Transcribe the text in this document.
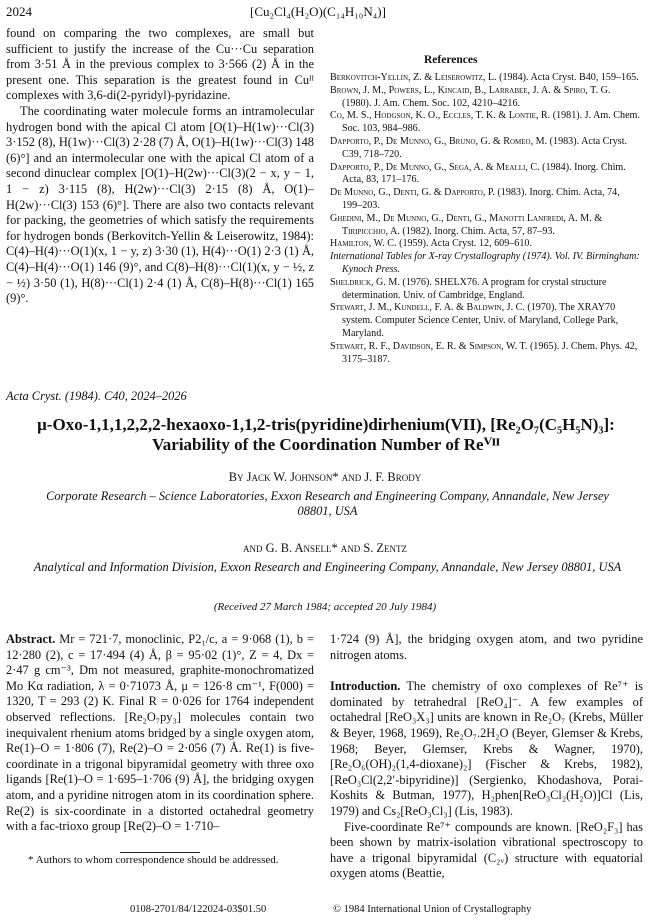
2024	[Cu₂Cl₄(H₂O)(C₁₄H₁₀N₄)]

found on comparing the two complexes, are small but sufficient to justify the increase of the Cu···Cu separation from 3·51 Å in the previous complex to 3·566 (2) Å in the present one. This separation is the greatest found in Cuᴵᴵ complexes with 3,6-di(2-pyridyl)-pyridazine.

The coordinating water molecule forms an intramolecular hydrogen bond with the apical Cl atom [O(1)–H(1w)···Cl(3) 3·152 (8), H(1w)···Cl(3) 2·28 (7) Å, O(1)–H(1w)···Cl(3) 148 (6)°] and an intermolecular one with the apical Cl atom of a second dinuclear complex [O(1)–H(2w)···Cl(3)(2 − x, y − 1, 1 − z) 3·115 (8), H(2w)···Cl(3) 2·15 (8) Å, O(1)–H(2w)···Cl(3) 153 (6)°]. There are also two contacts relevant for packing, the geometries of which satisfy the requirements for hydrogen bonds (Berkovitch-Yellin & Leiserowitz, 1984): C(4)–H(4)···O(1)(x, 1 − y, z) 3·30 (1), H(4)···O(1) 2·3 (1) Å, C(4)–H(4)···O(1) 146 (9)°, and C(8)–H(8)···Cl(1)(x, y − ½, z − ½) 3·50 (1), H(8)···Cl(1) 2·4 (1) Å, C(8)–H(8)···Cl(1) 165 (9)°.

References

Berkovitch-Yellin, Z. & Leiserowitz, L. (1984). Acta Cryst. B40, 159–165.

Brown, J. M., Powers, L., Kincaid, B., Larrabee, J. A. & Spiro, T. G. (1980). J. Am. Chem. Soc. 102, 4210–4216.

Co, M. S., Hodgson, K. O., Eccles, T. K. & Lontie, R. (1981). J. Am. Chem. Soc. 103, 984–986.

Dapporto, P., De Munno, G., Bruno, G. & Romeo, M. (1983). Acta Cryst. C39, 718–720.

Dapporto, P., De Munno, G., Sega, A. & Mealli, C. (1984). Inorg. Chim. Acta, 83, 171–176.

De Munno, G., Denti, G. & Dapporto, P. (1983). Inorg. Chim. Acta, 74, 199–203.

Ghedini, M., De Munno, G., Denti, G., Manotti Lanfredi, A. M. & Tiripicchio, A. (1982). Inorg. Chim. Acta, 57, 87–93.

Hamilton, W. C. (1959). Acta Cryst. 12, 609–610.

International Tables for X-ray Crystallography (1974). Vol. IV. Birmingham: Kynoch Press.

Sheldrick, G. M. (1976). SHELX76. A program for crystal structure determination. Univ. of Cambridge, England.

Stewart, J. M., Kundell, F. A. & Baldwin, J. C. (1970). The XRAY70 system. Computer Science Center, Univ. of Maryland, College Park, Maryland.

Stewart, R. F., Davidson, E. R. & Simpson, W. T. (1965). J. Chem. Phys. 42, 3175–3187.

Acta Cryst. (1984). C40, 2024–2026
μ-Oxo-1,1,1,2,2,2-hexaoxo-1,1,2-tris(pyridine)dirhenium(VII), [Re₂O₇(C₅H₅N)₃]:
Variability of the Coordination Number of Reⱽᴵᴵ
By Jack W. Johnson* and J. F. Brody
Corporate Research – Science Laboratories, Exxon Research and Engineering Company, Annandale, New Jersey 08801, USA
and G. B. Ansell* and S. Zentz
Analytical and Information Division, Exxon Research and Engineering Company, Annandale, New Jersey 08801, USA
(Received 27 March 1984; accepted 20 July 1984)

Abstract. Mr = 721·7, monoclinic, P2₁/c, a = 9·068 (1), b = 12·280 (2), c = 17·494 (4) Å, β = 95·02 (1)°, Z = 4, Dx = 2·47 g cm⁻³, Dm not measured, graphite-monochromatized Mo Kα radiation, λ = 0·71073 Å, μ = 126·8 cm⁻¹, F(000) = 1320, T = 293 (2) K. Final R = 0·026 for 1764 independent observed reflections. [Re₂O₇py₃] molecules contain two inequivalent rhenium atoms bridged by a single oxygen atom, Re(1)–O = 1·806 (7), Re(2)–O = 2·056 (7) Å. Re(1) is five-coordinate in a trigonal bipyramidal geometry with three oxo ligands [Re(1)–O = 1·695–1·706 (9) Å], the bridging oxygen atom, and a pyridine nitrogen atom in its coordination sphere. Re(2) is six-coordinate in a distorted octahedral geometry with a fac-trioxo group [Re(2)–O = 1·710–

1·724 (9) Å], the bridging oxygen atom, and two pyridine nitrogen atoms.

Introduction. The chemistry of oxo complexes of Re⁷⁺ is dominated by tetrahedral [ReO₄]⁻. A few examples of octahedral [ReO₃X₃] units are known in Re₂O₇ (Krebs, Müller & Beyer, 1968, 1969), Re₂O₇.2H₂O (Beyer, Glemser & Krebs, 1968; Beyer, Glemser, Krebs & Wagner, 1970), [Re₂O₆(OH)₂(1,4-dioxane)₂] (Fischer & Krebs, 1982), [ReO₃Cl(2,2′-bipyridine)] (Sergienko, Khodashova, Porai-Koshits & Butman, 1977), H₂phen[ReO₃Cl₂(H₂O)]Cl (Lis, 1979) and Cs₂[ReO₃Cl₃] (Lis, 1983).

Five-coordinate Re⁷⁺ compounds are known. [ReO₂F₃] has been shown by matrix-isolation vibrational spectroscopy to have a trigonal bipyramidal (C₂ᵥ) structure with equatorial oxygen atoms (Beattie,

* Authors to whom correspondence should be addressed.
0108-2701/84/122024-03$01.50	© 1984 International Union of Crystallography
